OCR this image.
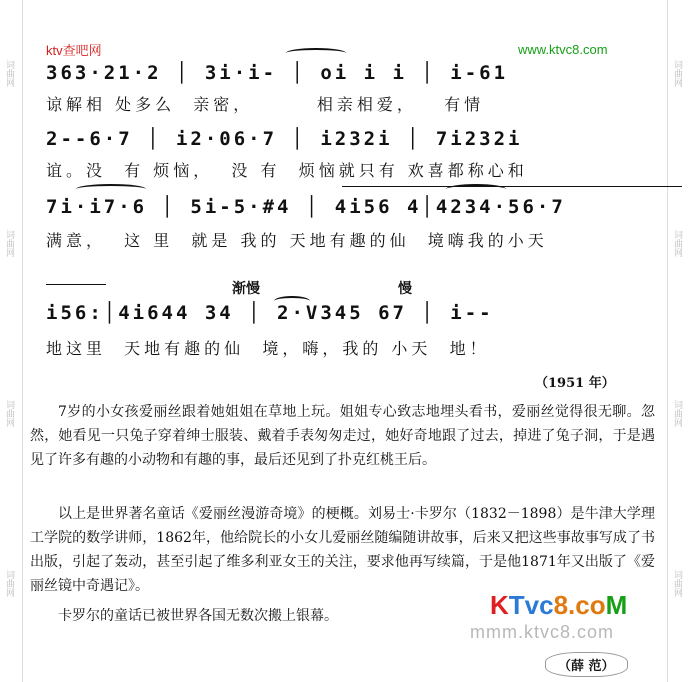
词曲网
词曲网
词曲网
词曲网
词曲网
词曲网
词曲网
词曲网
ktv查吧网	www.ktvc8.com
363·21·2 │ 3i·i- │ oi i i │ i-61
谅解相 处多么  亲密，       相亲相爱，   有情
2--6·7 │ i2·06·7 │ i232i │ 7i232i
谊。没  有 烦恼，  没 有  烦恼就只有 欢喜都称心和
7i·i7·6 │ 5i-5·#4 │ 4i56 4│4234·56·7
满意，  这 里  就是 我的 天地有趣的仙  境嗨我的小天
渐慢	慢
i56:│4i644 34 │ 2·V345 67 │ i--
地这里  天地有趣的仙  境，嗨，我的 小天  地！
（1951 年）
7岁的小女孩爱丽丝跟着她姐姐在草地上玩。姐姐专心致志地埋头看书，爱丽丝觉得很无聊。忽然，她看见一只兔子穿着绅士服装、戴着手表匆匆走过，她好奇地跟了过去，掉进了兔子洞，于是遇见了许多有趣的小动物和有趣的事，最后还见到了扑克红桃王后。
以上是世界著名童话《爱丽丝漫游奇境》的梗概。刘易士·卡罗尔（1832－1898）是牛津大学理工学院的数学讲师，1862年，他给院长的小女儿爱丽丝随编随讲故事，后来又把这些事故事写成了书出版，引起了轰动，甚至引起了维多利亚女王的关注，要求他再写续篇，于是他1871年又出版了《爱丽丝镜中奇遇记》。
卡罗尔的童话已被世界各国无数次搬上银幕。	KTvc8.coM
mmm.ktvc8.com
（薛 范）
